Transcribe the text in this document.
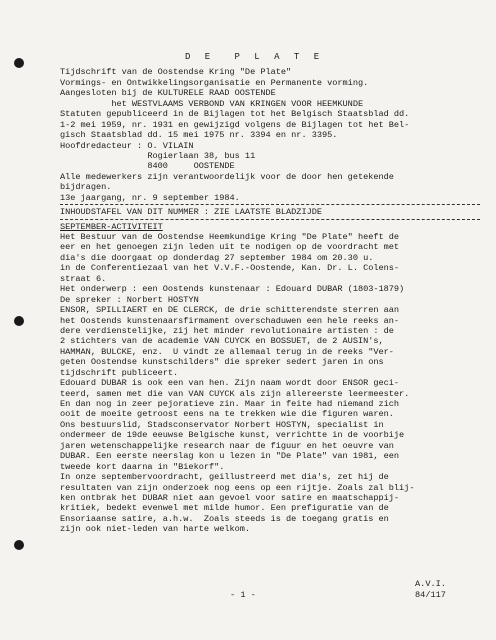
D E  P L A T E
Tijdschrift van de Oostendse Kring "De Plate"
Vormings- en Ontwikkelingsorganisatie en Permanente vorming.
Aangesloten bij de KULTURELE RAAD OOSTENDE
het WESTVLAAMS VERBOND VAN KRINGEN VOOR HEEMKUNDE
Statuten gepubliceerd in de Bijlagen tot het Belgisch Staatsblad dd.
1-2 mei 1959, nr. 1931 en gewijzigd volgens de Bijlagen tot het Bel-
gisch Staatsblad dd. 15 mei 1975 nr. 3394 en nr. 3395.
Hoofdredacteur : O. VILAIN
Rogierlaan 38, bus 11
8400     OOSTENDE
Alle medewerkers zijn verantwoordelijk voor de door hen getekende
bijdragen.
13e jaargang, nr. 9 september 1984.
INHOUDSTAFEL VAN DIT NUMMER : ZIE LAATSTE BLADZIJDE
SEPTEMBER-ACTIVITEIT
Het Bestuur van de Oostendse Heemkundige Kring "De Plate" heeft de
eer en het genoegen zijn leden uit te nodigen op de voordracht met
dia's die doorgaat op donderdag 27 september 1984 om 20.30 u.
in de Conferentiezaal van het V.V.F.-Oostende, Kan. Dr. L. Colens-
straat 6.
Het onderwerp : een Oostends kunstenaar : Edouard DUBAR (1803-1879)
De spreker : Norbert HOSTYN
ENSOR, SPILLIAERT en DE CLERCK, de drie schitterendste sterren aan
het Oostends kunstenaarsfirmament overschaduwen een hele reeks an-
dere verdienstelijke, zij het minder revolutionaire artisten : de
2 stichters van de academie VAN CUYCK en BOSSUET, de 2 AUSIN's,
HAMMAN, BULCKE, enz.  U vindt ze allemaal terug in de reeks "Ver-
geten Oostendse kunstschilders" die spreker sedert jaren in ons
tijdschrift publiceert.
Edouard DUBAR is ook een van hen. Zijn naam wordt door ENSOR geci-
teerd, samen met die van VAN CUYCK als zijn allereerste leermeester.
En dan nog in zeer pejoratieve zin. Maar in feite had niemand zich
ooit de moeite getroost eens na te trekken wie die figuren waren.
Ons bestuurslid, Stadsconservator Norbert HOSTYN, specialist in
ondermeer de 19de eeuwse Belgische kunst, verrichtte in de voorbije
jaren wetenschappelijke research naar de figuur en het oeuvre van
DUBAR. Een eerste neerslag kon u lezen in "De Plate" van 1981, een
tweede kort daarna in "Biekorf".
In onze septembervoordracht, geillustreerd met dia's, zet hij de
resultaten van zijn onderzoek nog eens op een rijtje. Zoals zal blij-
ken ontbrak het DUBAR niet aan gevoel voor satire en maatschappij-
kritiek, bedekt evenwel met milde humor. Een prefiguratie van de
Ensoriaanse satire, a.h.w.  Zoals steeds is de toegang gratis en
zijn ook niet-leden van harte welkom.
A.V.I.
- 1 -	84/117
